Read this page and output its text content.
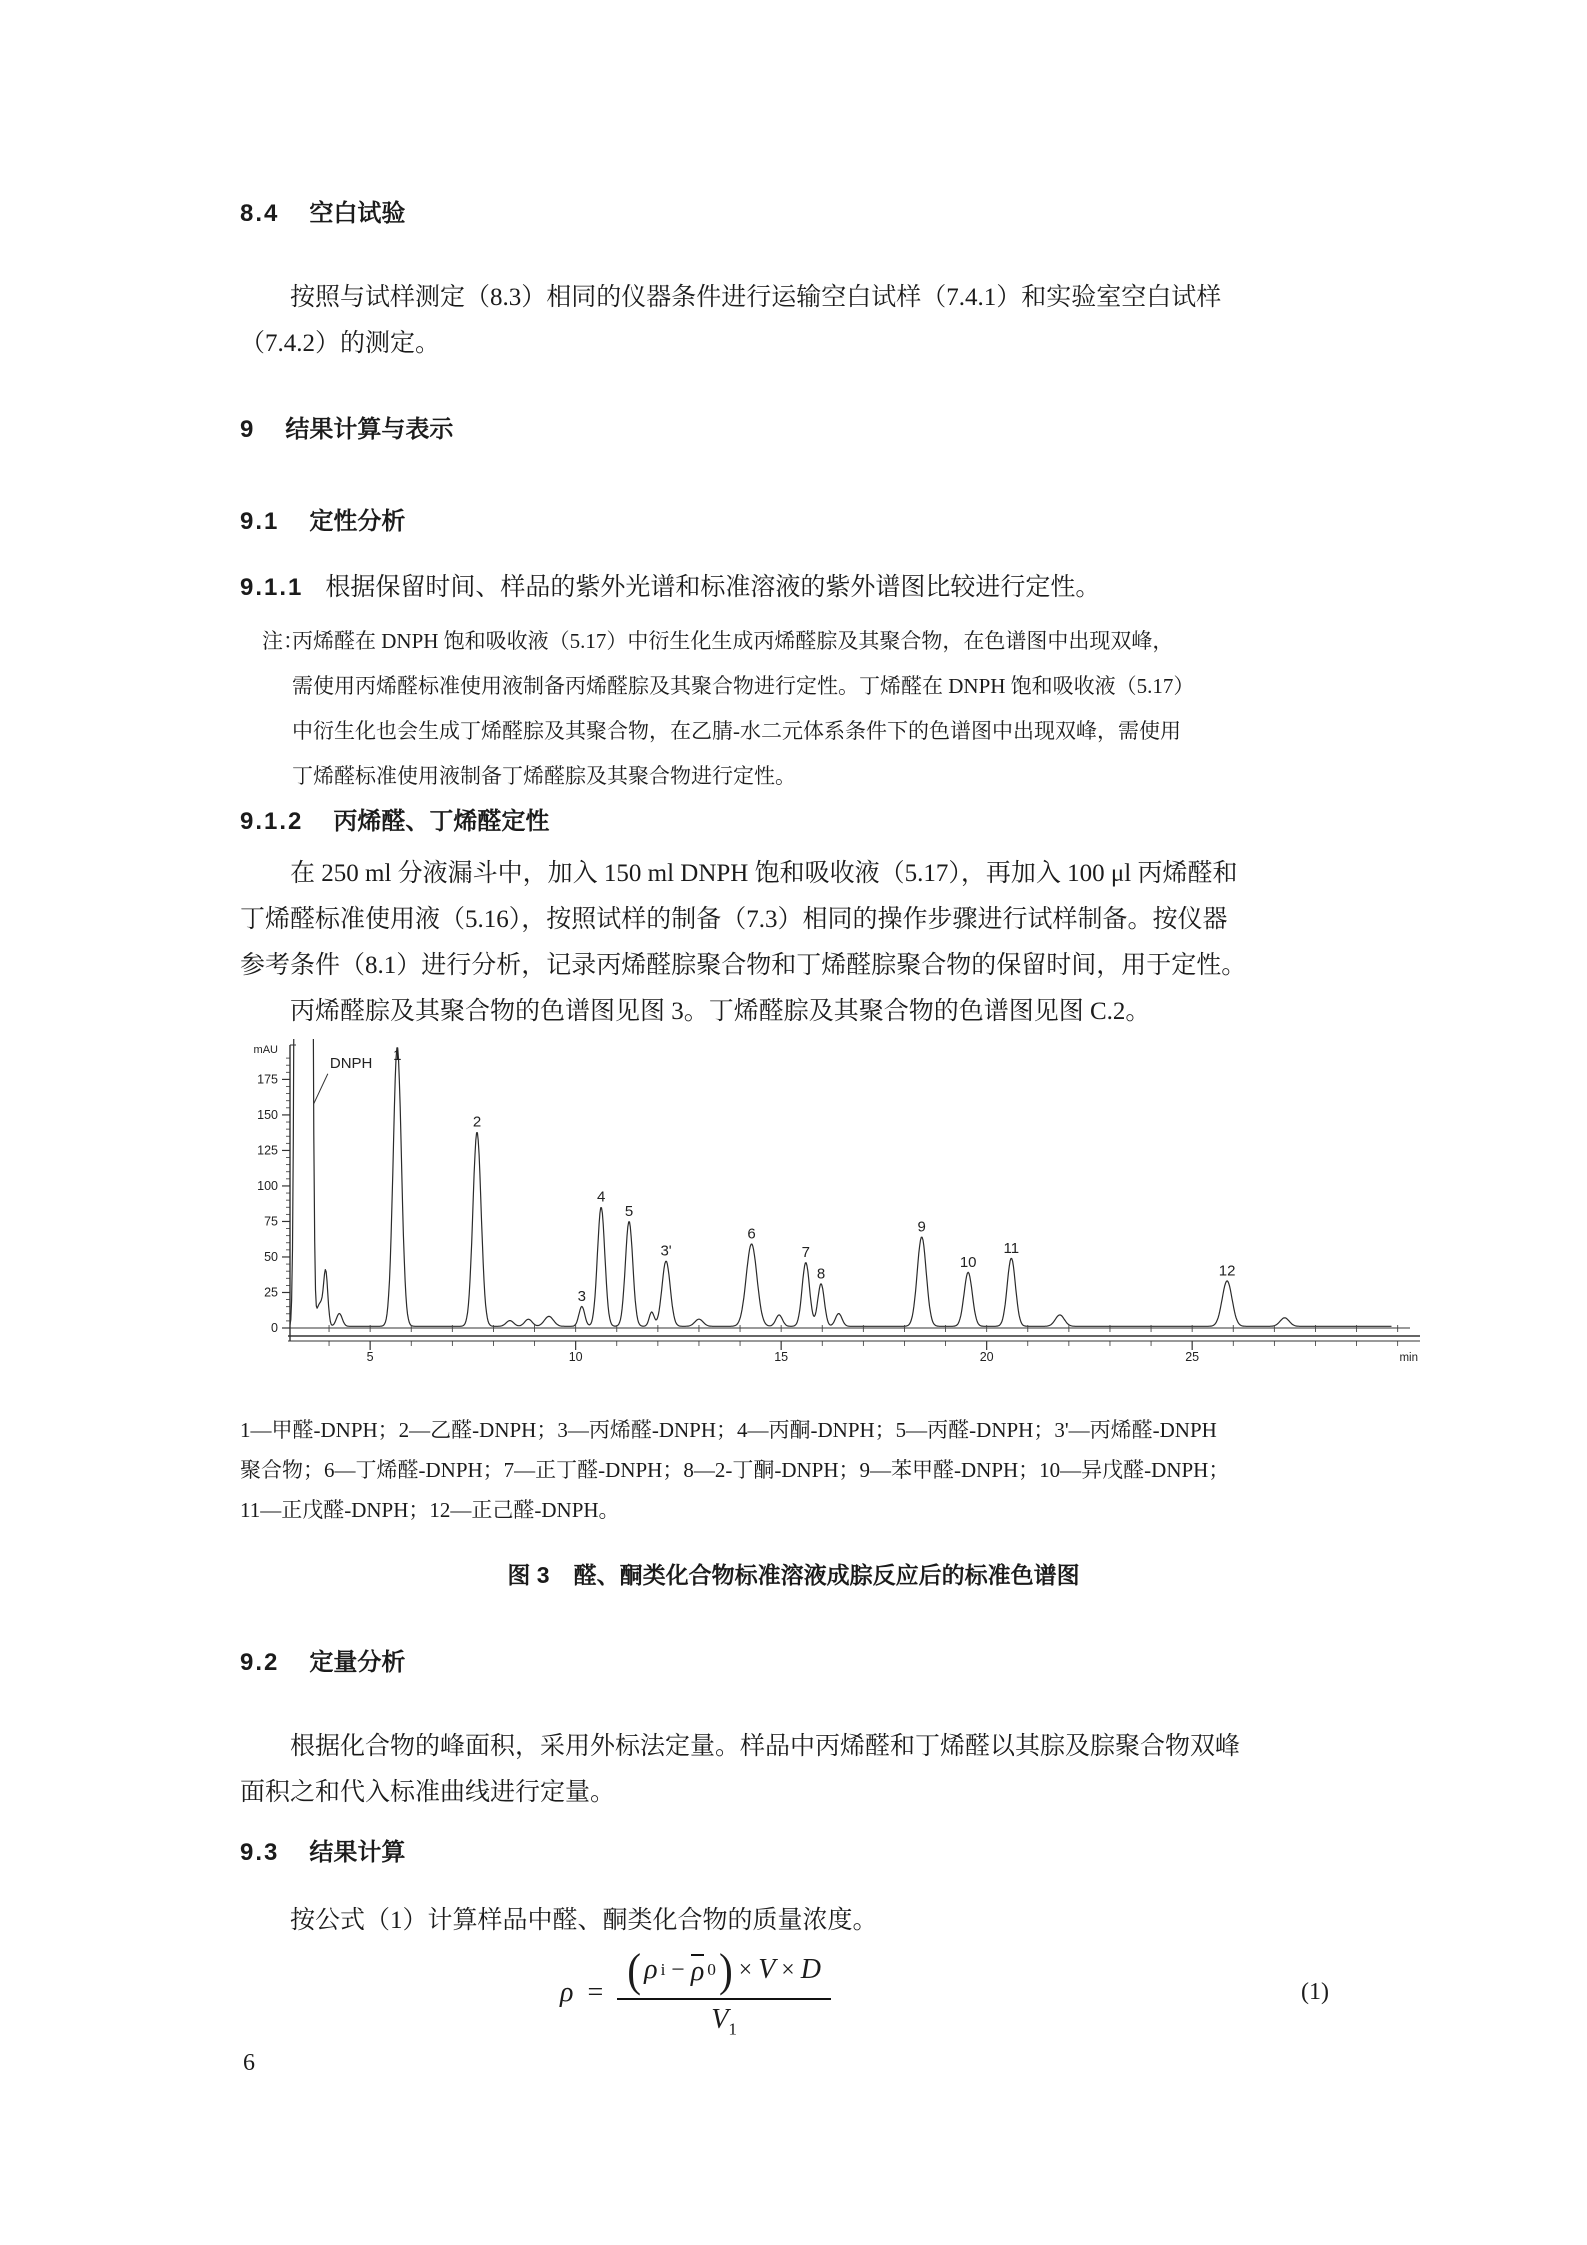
8.4 空白试验
按照与试样测定（8.3）相同的仪器条件进行运输空白试样（7.4.1）和实验室空白试样
（7.4.2）的测定。
9 结果计算与表示
9.1 定性分析
9.1.1 根据保留时间、样品的紫外光谱和标准溶液的紫外谱图比较进行定性。
注：
丙烯醛在 DNPH 饱和吸收液（5.17）中衍生化生成丙烯醛腙及其聚合物，在色谱图中出现双峰，
需使用丙烯醛标准使用液制备丙烯醛腙及其聚合物进行定性。丁烯醛在 DNPH 饱和吸收液（5.17）
中衍生化也会生成丁烯醛腙及其聚合物，在乙腈-水二元体系条件下的色谱图中出现双峰，需使用
丁烯醛标准使用液制备丁烯醛腙及其聚合物进行定性。
9.1.2 丙烯醛、丁烯醛定性
在 250 ml 分液漏斗中，加入 150 ml DNPH 饱和吸收液（5.17），再加入 100 μl 丙烯醛和
丁烯醛标准使用液（5.16），按照试样的制备（7.3）相同的操作步骤进行试样制备。按仪器
参考条件（8.1）进行分析，记录丙烯醛腙聚合物和丁烯醛腙聚合物的保留时间，用于定性。
丙烯醛腙及其聚合物的色谱图见图 3。丁烯醛腙及其聚合物的色谱图见图 C.2。
5	10	15	20	25	min
0
25
50
75
100
125
150
175
mAU	1
2
3
4
5
3'
6
7
8
9
10
11
12
DNPH
1—甲醛-DNPH；2—乙醛-DNPH；3—丙烯醛-DNPH；4—丙酮-DNPH；5—丙醛-DNPH；3'—丙烯醛-DNPH
聚合物；6—丁烯醛-DNPH；7—正丁醛-DNPH；8—2-丁酮-DNPH；9—苯甲醛-DNPH；10—异戊醛-DNPH；
11—正戊醛-DNPH；12—正己醛-DNPH。
图 3 醛、酮类化合物标准溶液成腙反应后的标准色谱图
9.2 定量分析
根据化合物的峰面积，采用外标法定量。样品中丙烯醛和丁烯醛以其腙及腙聚合物双峰
面积之和代入标准曲线进行定量。
9.3 结果计算
按公式（1）计算样品中醛、酮类化合物的质量浓度。
ρ = ( ρ i − ρ 0 ) × V × D
$V_1$
(1)
6
